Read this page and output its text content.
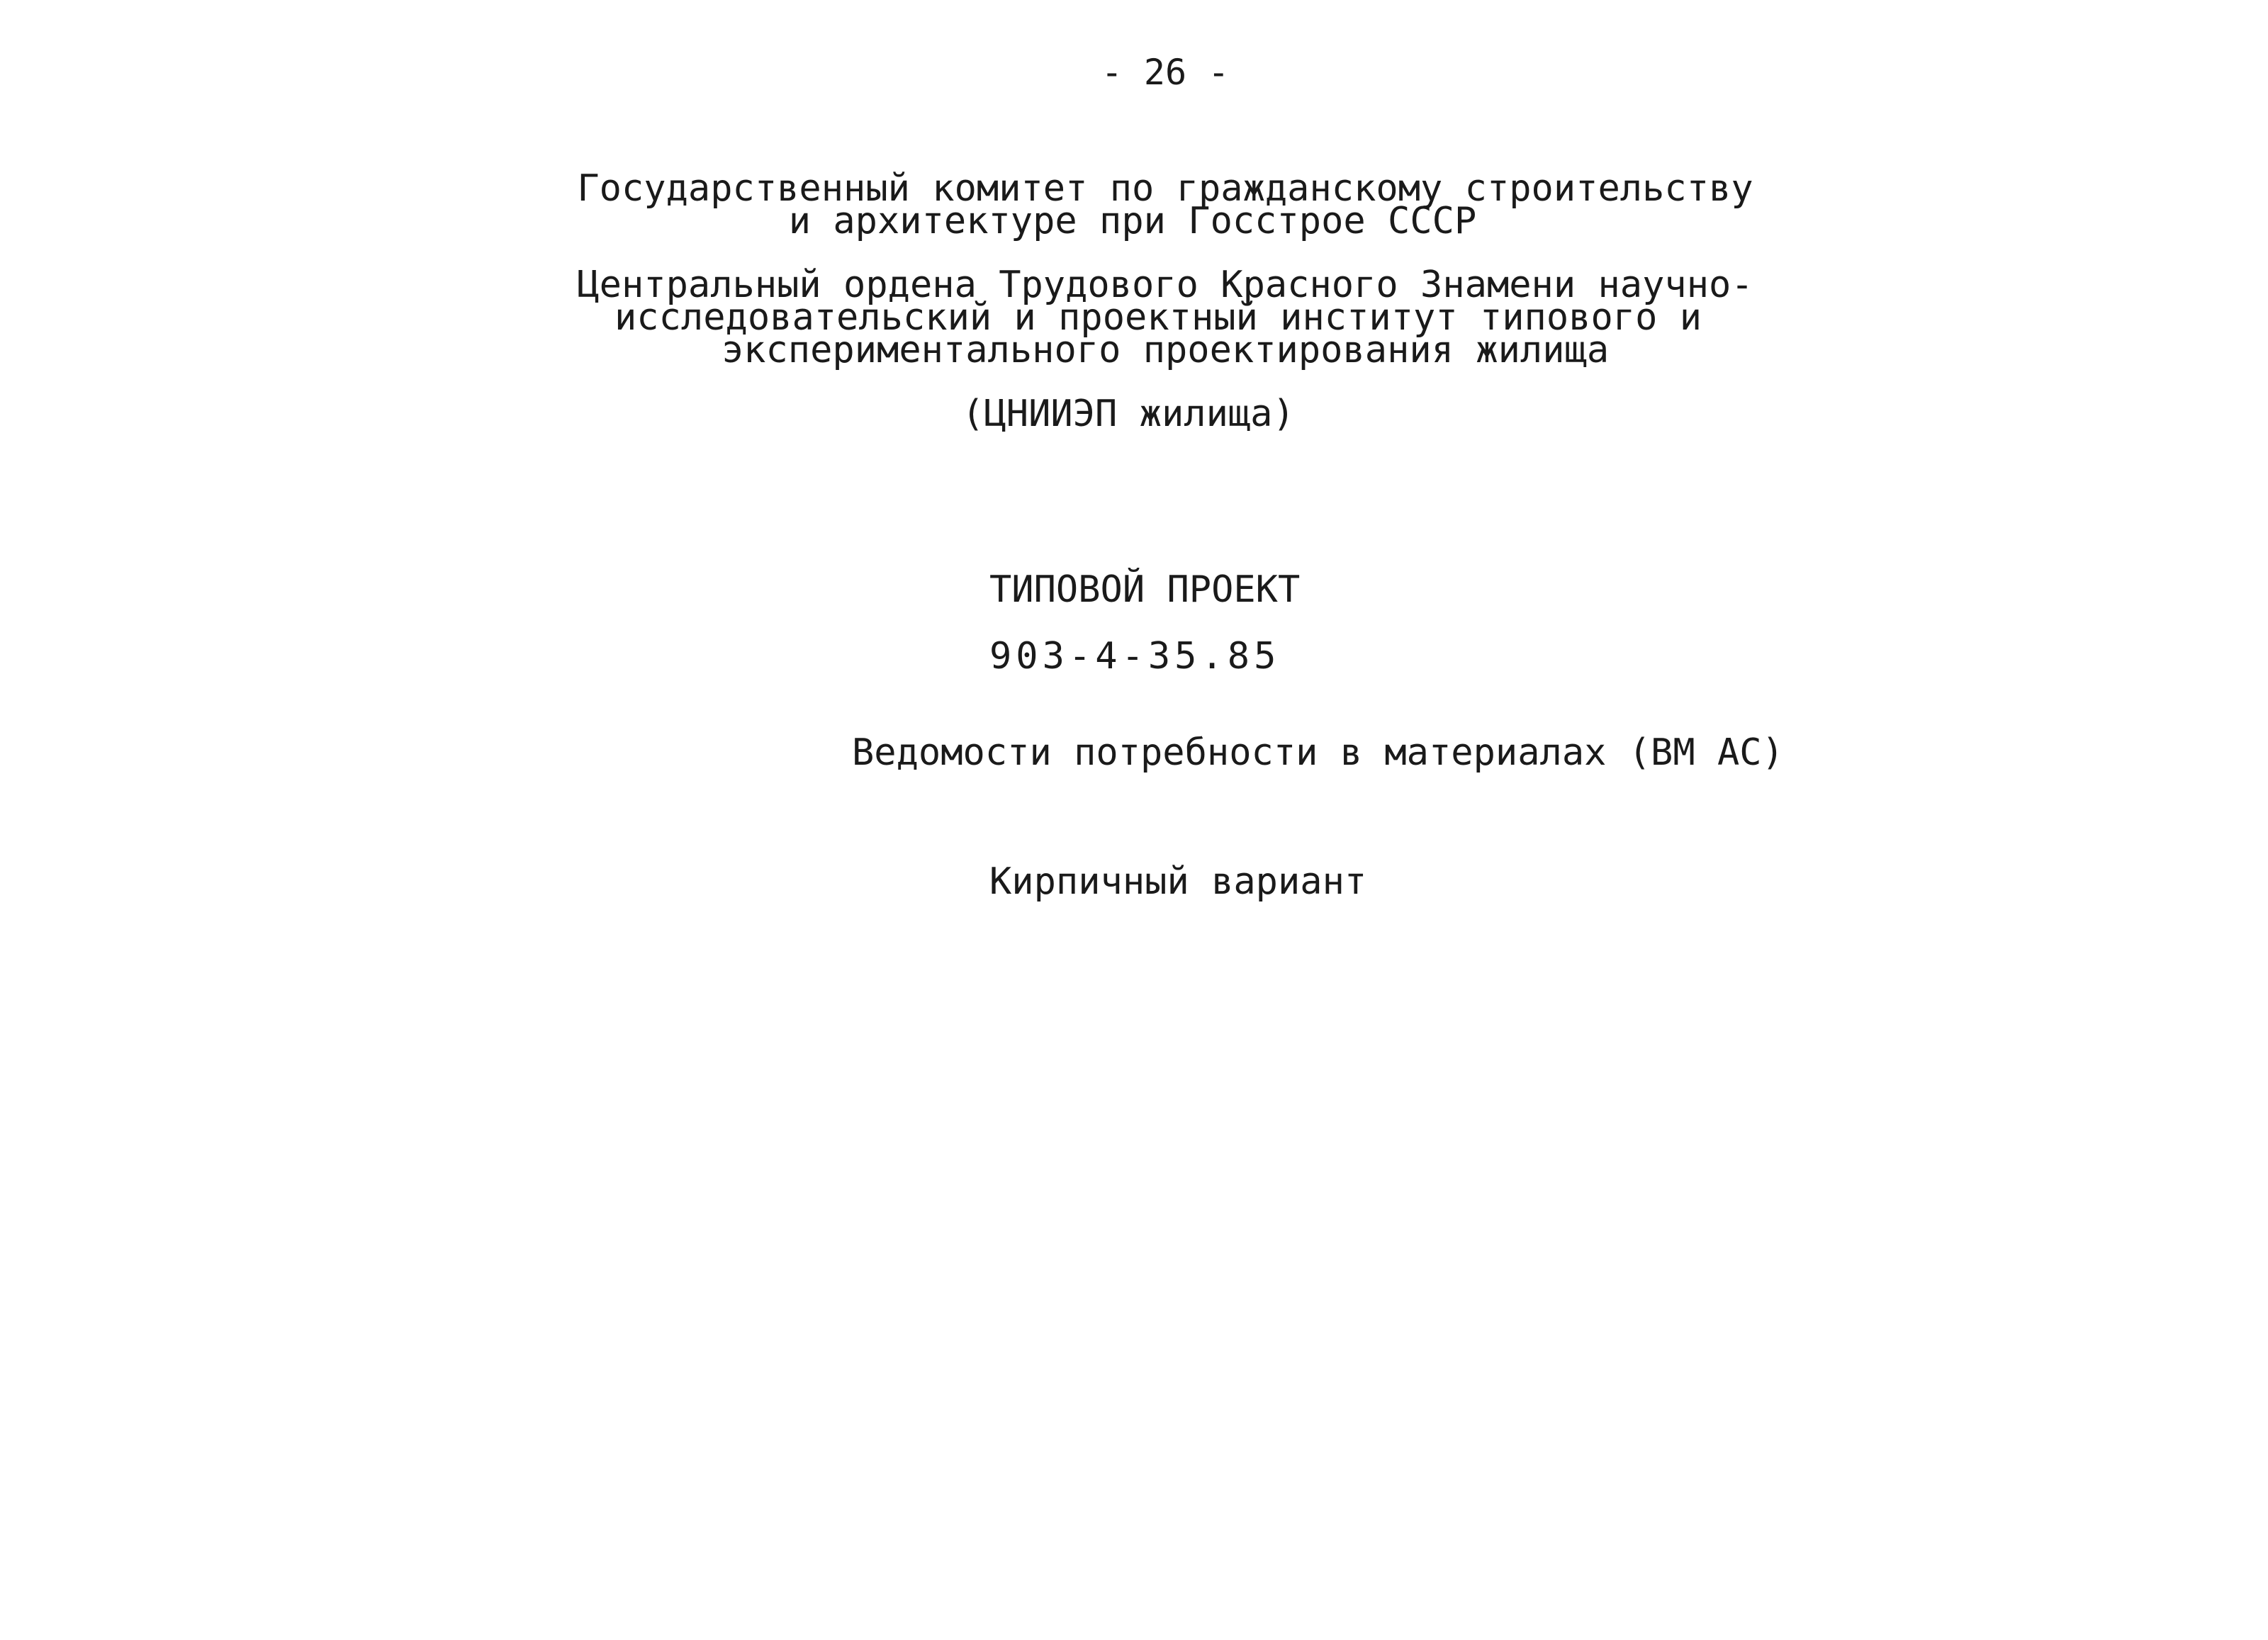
- 26 -
Государственный комитет по гражданскому строительству
и архитектуре при Госстрое СССР
Центральный ордена Трудового Красного Знамени научно-
исследовательский и проектный институт типового и
экспериментального проектирования жилища
(ЦНИИЭП жилища)
ТИПОВОЙ ПРОЕКТ
903-4-35.85
Ведомости потребности в материалах (ВМ АС)
Кирпичный вариант
